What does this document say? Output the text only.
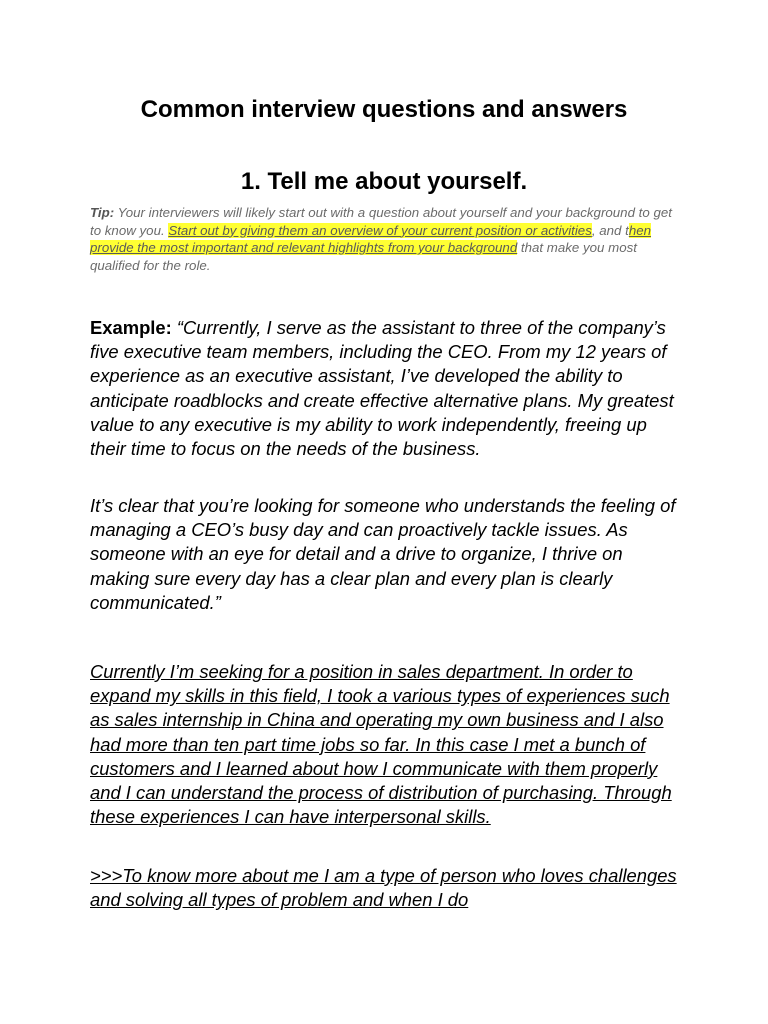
Common interview questions and answers
1. Tell me about yourself.

Tip: Your interviewers will likely start out with a question about yourself and your background to get to know you. Start out by giving them an overview of your current position or activities, and then provide the most important and relevant highlights from your background that make you most qualified for the role.

Example: “Currently, I serve as the assistant to three of the company’s five executive team members, including the CEO. From my 12 years of experience as an executive assistant, I’ve developed the ability to anticipate roadblocks and create effective alternative plans. My greatest value to any executive is my ability to work independently, freeing up their time to focus on the needs of the business.

It’s clear that you’re looking for someone who understands the feeling of managing a CEO’s busy day and can proactively tackle issues. As someone with an eye for detail and a drive to organize, I thrive on making sure every day has a clear plan and every plan is clearly communicated.”

Currently I’m seeking for a position in sales department. In order to expand my skills in this field, I took a various types of experiences such as sales internship in China and operating my own business and I also had more than ten part time jobs so far. In this case I met a bunch of customers and I learned about how I communicate with them properly and I can understand the process of distribution of purchasing. Through these experiences I can have interpersonal skills.

>>>To know more about me I am a type of person who loves challenges and solving all types of problem and when I do
